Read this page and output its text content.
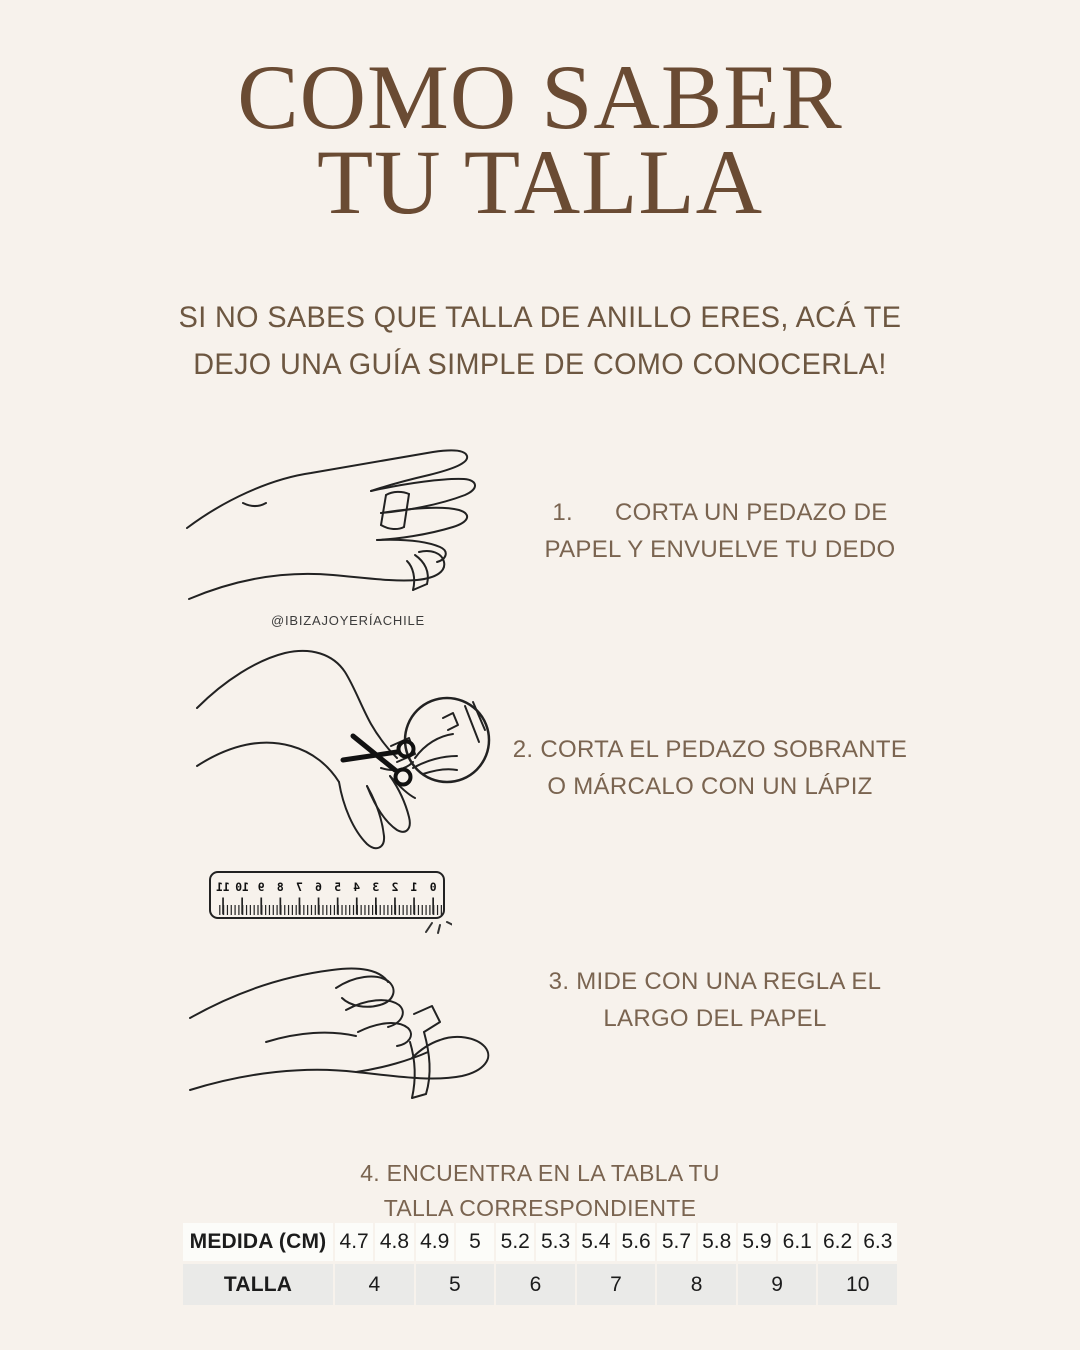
COMO SABER
TU TALLA
SI NO SABES QUE TALLA DE ANILLO ERES, ACÁ TE
DEJO UNA GUÍA SIMPLE DE COMO CONOCERLA!
@IBIZAJOYERÍACHILE
1. CORTA UN PEDAZO DE
PAPEL Y ENVUELVE TU DEDO
2. CORTA EL PEDAZO SOBRANTE
O MÁRCALO CON UN LÁPIZ
11 10 9 8 7 6 5 4 3 2 1 0
3. MIDE CON UNA REGLA EL
LARGO DEL PAPEL
4. ENCUENTRA EN LA TABLA TU
TALLA CORRESPONDIENTE
MEDIDA (CM) 4.7 4.8 4.9 5 5.2 5.3 5.4 5.6 5.7 5.8 5.9 6.1 6.2 6.3
TALLA	4	5	6	7	8	9	10
